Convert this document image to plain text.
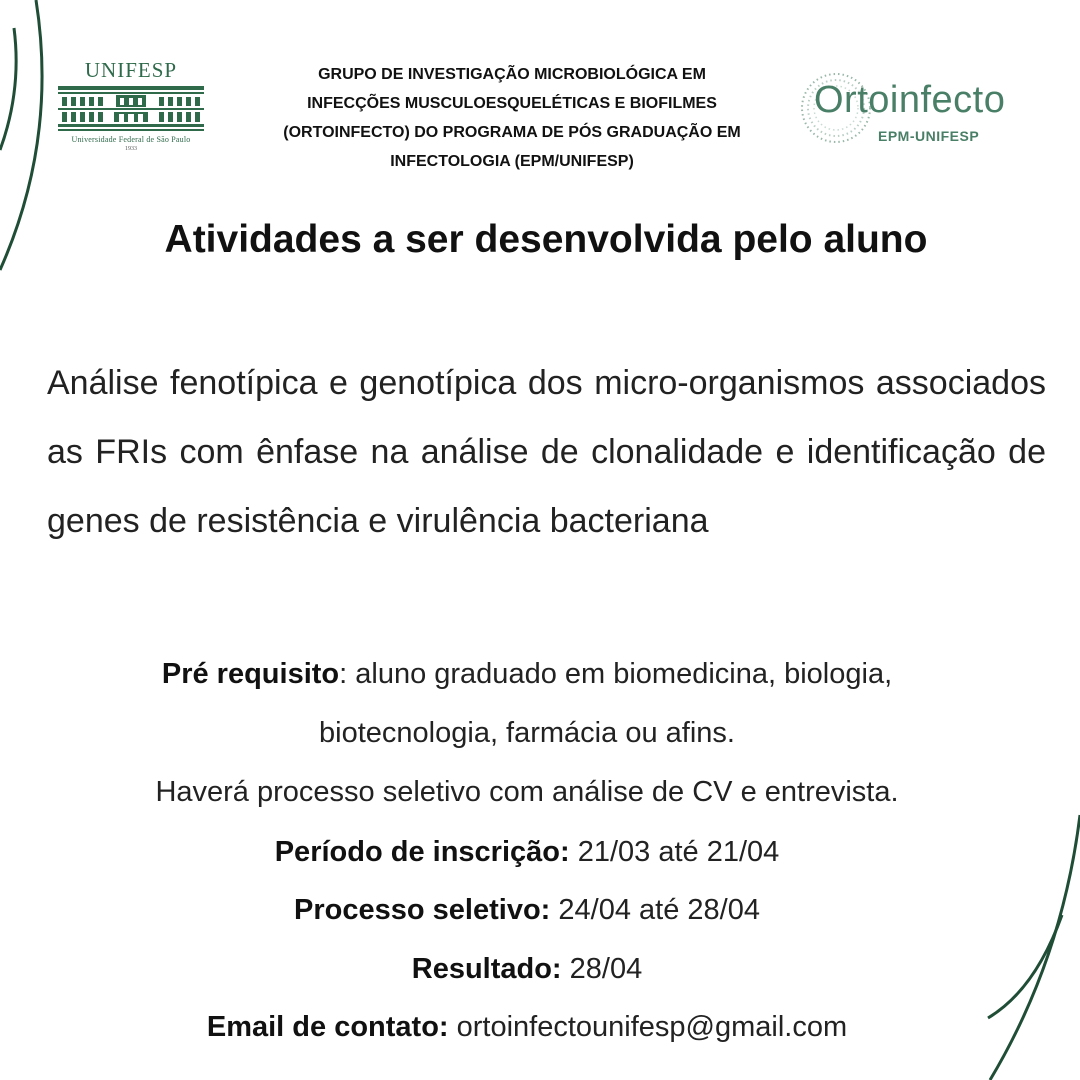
UNIFESP
Universidade Federal de São Paulo
1933
GRUPO DE INVESTIGAÇÃO MICROBIOLÓGICA EM
INFECÇÕES MUSCULOESQUELÉTICAS E BIOFILMES
(ORTOINFECTO) DO PROGRAMA DE PÓS GRADUAÇÃO EM
INFECTOLOGIA (EPM/UNIFESP)
Ortoinfecto
EPM-UNIFESP
Atividades a ser desenvolvida pelo aluno
Análise fenotípica e genotípica dos micro-organismos associados as FRIs com ênfase na análise de clonalidade e identificação de genes de resistência e virulência bacteriana
Pré requisito: aluno graduado em biomedicina, biologia,
biotecnologia, farmácia ou afins.
Haverá processo seletivo com análise de CV e entrevista.
Período de inscrição: 21/03 até 21/04
Processo seletivo: 24/04 até 28/04
Resultado: 28/04
Email de contato: ortoinfectounifesp@gmail.com
